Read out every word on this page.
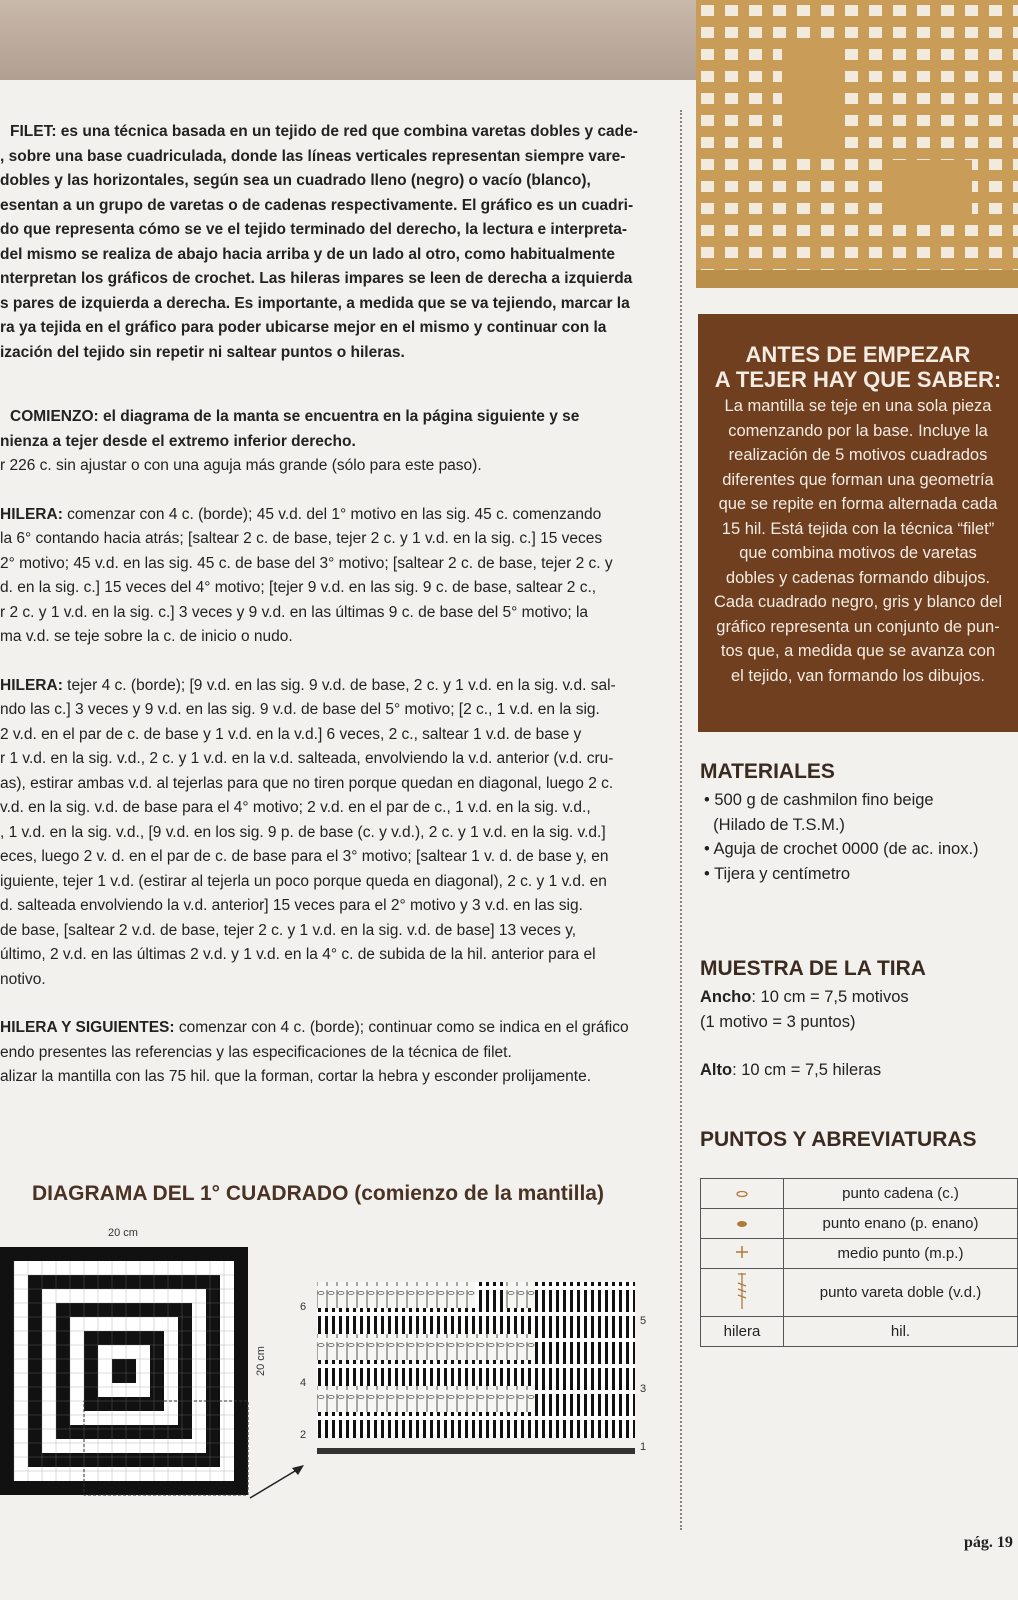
FILET: es una técnica basada en un tejido de red que combina varetas dobles y cade-

, sobre una base cuadriculada, donde las líneas verticales representan siempre vare-

dobles y las horizontales, según sea un cuadrado lleno (negro) o vacío (blanco),

esentan a un grupo de varetas o de cadenas respectivamente. El gráfico es un cuadri-

do que representa cómo se ve el tejido terminado del derecho, la lectura e interpreta-

del mismo se realiza de abajo hacia arriba y de un lado al otro, como habitualmente

nterpretan los gráficos de crochet. Las hileras impares se leen de derecha a izquierda

s pares de izquierda a derecha. Es importante, a medida que se va tejiendo, marcar la

ra ya tejida en el gráfico para poder ubicarse mejor en el mismo y continuar con la

ización del tejido sin repetir ni saltear puntos o hileras.

COMIENZO: el diagrama de la manta se encuentra en la página siguiente y se

nienza a tejer desde el extremo inferior derecho.

r 226 c. sin ajustar o con una aguja más grande (sólo para este paso).

HILERA: comenzar con 4 c. (borde); 45 v.d. del 1° motivo en las sig. 45 c. comenzando

la 6° contando hacia atrás; [saltear 2 c. de base, tejer 2 c. y 1 v.d. en la sig. c.] 15 veces

2° motivo; 45 v.d. en las sig. 45 c. de base del 3° motivo; [saltear 2 c. de base, tejer 2 c. y

d. en la sig. c.] 15 veces del 4° motivo; [tejer 9 v.d. en las sig. 9 c. de base, saltear 2 c.,

r 2 c. y 1 v.d. en la sig. c.] 3 veces y 9 v.d. en las últimas 9 c. de base del 5° motivo; la

ma v.d. se teje sobre la c. de inicio o nudo.

HILERA: tejer 4 c. (borde); [9 v.d. en las sig. 9 v.d. de base, 2 c. y 1 v.d. en la sig. v.d. sal-

ndo las c.] 3 veces y 9 v.d. en las sig. 9 v.d. de base del 5° motivo; [2 c., 1 v.d. en la sig.

2 v.d. en el par de c. de base y 1 v.d. en la v.d.] 6 veces, 2 c., saltear 1 v.d. de base y

r 1 v.d. en la sig. v.d., 2 c. y 1 v.d. en la v.d. salteada, envolviendo la v.d. anterior (v.d. cru-

as), estirar ambas v.d. al tejerlas para que no tiren porque quedan en diagonal, luego 2 c.

v.d. en la sig. v.d. de base para el 4° motivo; 2 v.d. en el par de c., 1 v.d. en la sig. v.d.,

, 1 v.d. en la sig. v.d., [9 v.d. en los sig. 9 p. de base (c. y v.d.), 2 c. y 1 v.d. en la sig. v.d.]

eces, luego 2 v. d. en el par de c. de base para el 3° motivo; [saltear 1 v. d. de base y, en

iguiente, tejer 1 v.d. (estirar al tejerla un poco porque queda en diagonal), 2 c. y 1 v.d. en

d. salteada envolviendo la v.d. anterior] 15 veces para el 2° motivo y 3 v.d. en las sig.

de base, [saltear 2 v.d. de base, tejer 2 c. y 1 v.d. en la sig. v.d. de base] 13 veces y,

último, 2 v.d. en las últimas 2 v.d. y 1 v.d. en la 4° c. de subida de la hil. anterior para el

notivo.

HILERA Y SIGUIENTES: comenzar con 4 c. (borde); continuar como se indica en el gráfico

endo presentes las referencias y las especificaciones de la técnica de filet.

alizar la mantilla con las 75 hil. que la forman, cortar la hebra y esconder prolijamente.

DIAGRAMA DEL 1° CUADRADO (comienzo de la mantilla)
20 cm
20 cm
2
4
6
1
3
5
ANTES DE EMPEZAR
A TEJER HAY QUE SABER:
La mantilla se teje en una sola pieza
comenzando por la base. Incluye la
realización de 5 motivos cuadrados
diferentes que forman una geometría
que se repite en forma alternada cada
15 hil. Está tejida con la técnica “filet”
que combina motivos de varetas
dobles y cadenas formando dibujos.
Cada cuadrado negro, gris y blanco del
gráfico representa un conjunto de pun-
tos que, a medida que se avanza con
el tejido, van formando los dibujos.
MATERIALES
• 500 g de cashmilon fino beige
(Hilado de T.S.M.)
• Aguja de crochet 0000 (de ac. inox.)
• Tijera y centímetro
MUESTRA DE LA TIRA
Ancho: 10 cm = 7,5 motivos
(1 motivo = 3 puntos)
Alto: 10 cm = 7,5 hileras
PUNTOS Y ABREVIATURAS
	punto cadena (c.)
	punto enano (p. enano)
	medio punto (m.p.)
	punto vareta doble (v.d.)
hilera	hil.
pág. 19
